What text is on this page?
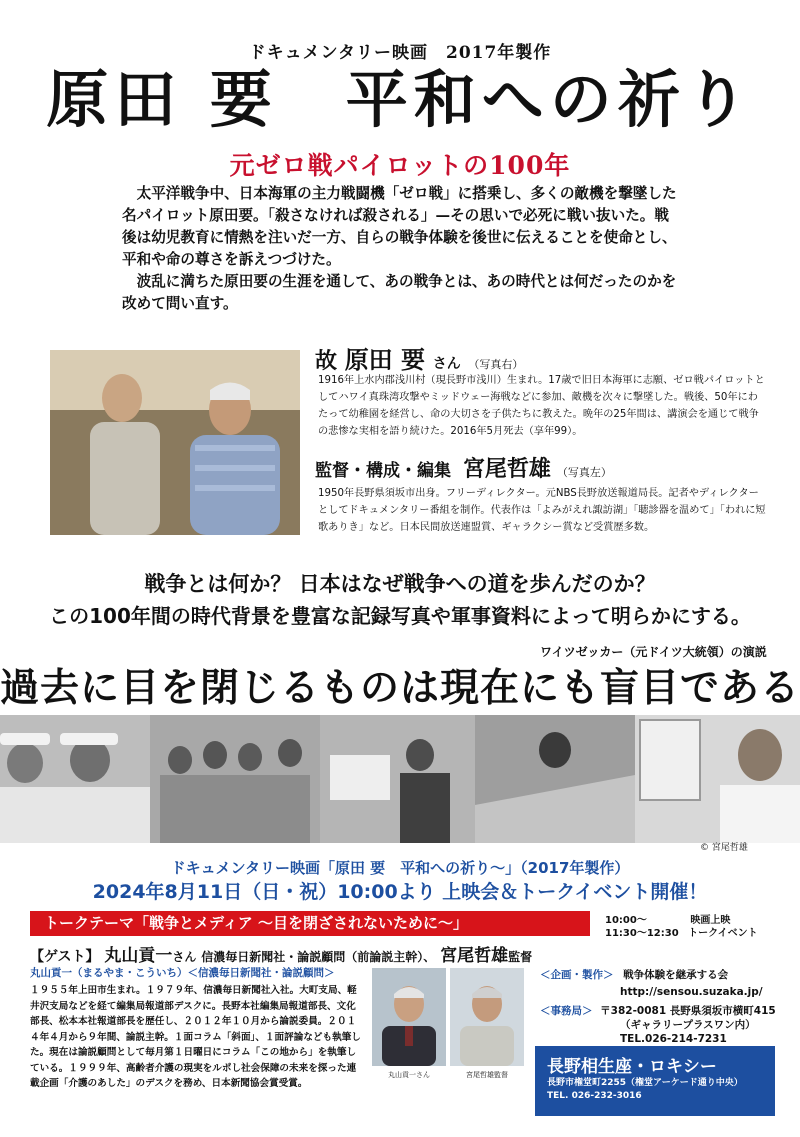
ドキュメンタリー映画　2017年製作
原田 要　平和への祈り
元ゼロ戦パイロットの100年

太平洋戦争中、日本海軍の主力戦闘機「ゼロ戦」に搭乗し、多くの敵機を撃墜した名パイロット原田要。「殺さなければ殺される」—その思いで必死に戦い抜いた。戦後は幼児教育に情熱を注いだ一方、自らの戦争体験を後世に伝えることを使命とし、平和や命の尊さを訴えつづけた。

波乱に満ちた原田要の生涯を通して、あの戦争とは、あの時代とは何だったのかを改めて問い直す。

故 原田 要 さん （写真右）
1916年上水内郡浅川村（現長野市浅川）生まれ。17歳で旧日本海軍に志願、ゼロ戦パイロットとしてハワイ真珠湾攻撃やミッドウェー海戦などに参加、敵機を次々に撃墜した。戦後、50年にわたって幼稚園を経営し、命の大切さを子供たちに教えた。晩年の25年間は、講演会を通じて戦争の悲惨な実相を語り続けた。2016年5月死去（享年99）。
監督・構成・編集 宮尾哲雄 （写真左）
1950年長野県須坂市出身。フリーディレクター。元NBS長野放送報道局長。記者やディレクターとしてドキュメンタリー番組を制作。代表作は「よみがえれ諏訪湖」「聴診器を温めて」「われに短歌ありき」など。日本民間放送連盟賞、ギャラクシー賞など受賞歴多数。
戦争とは何か？ 日本はなぜ戦争への道を歩んだのか？
この100年間の時代背景を豊富な記録写真や軍事資料によって明らかにする。
ワイツゼッカー（元ドイツ大統領）の演説
過去に目を閉じるものは現在にも盲目である
© 宮尾哲雄
ドキュメンタリー映画「原田 要　平和への祈り〜」（2017年製作）
2024年8月11日（日・祝）10:00より 上映会＆トークイベント開催！
トークテーマ「戦争とメディア 〜目を閉ざされないために〜」	10:00〜	映画上映
11:30〜12:30 トークイベント
【ゲスト】 丸山貢一さん 信濃毎日新聞社・論説顧問（前論説主幹）、 宮尾哲雄監督
丸山貢一（まるやま・こういち）＜信濃毎日新聞社・論説顧問＞
１９５５年上田市生まれ。１９７９年、信濃毎日新聞社入社。大町支局、軽井沢支局などを経て編集局報道部デスクに。長野本社編集局報道部長、文化部長、松本本社報道部長を歴任し、２０１２年１０月から論説委員。２０１４年４月から９年間、論説主幹。１面コラム「斜面」、１面評論なども執筆した。現在は論説顧問として毎月第１日曜日にコラム「この地から」を執筆している。１９９９年、高齢者介護の現実をルポし社会保障の未来を探った連載企画「介護のあした」のデスクを務め、日本新聞協会賞受賞。
丸山貢一さん	宮尾哲雄監督
＜企画・製作＞ 戦争体験を継承する会
http://sensou.suzaka.jp/
＜事務局＞ 〒382-0081 長野県須坂市横町415
（ギャラリープラスワン内）
TEL.026-214-7231
長野相生座・ロキシー
長野市権堂町2255（権堂アーケード通り中央）
TEL. 026-232-3016
